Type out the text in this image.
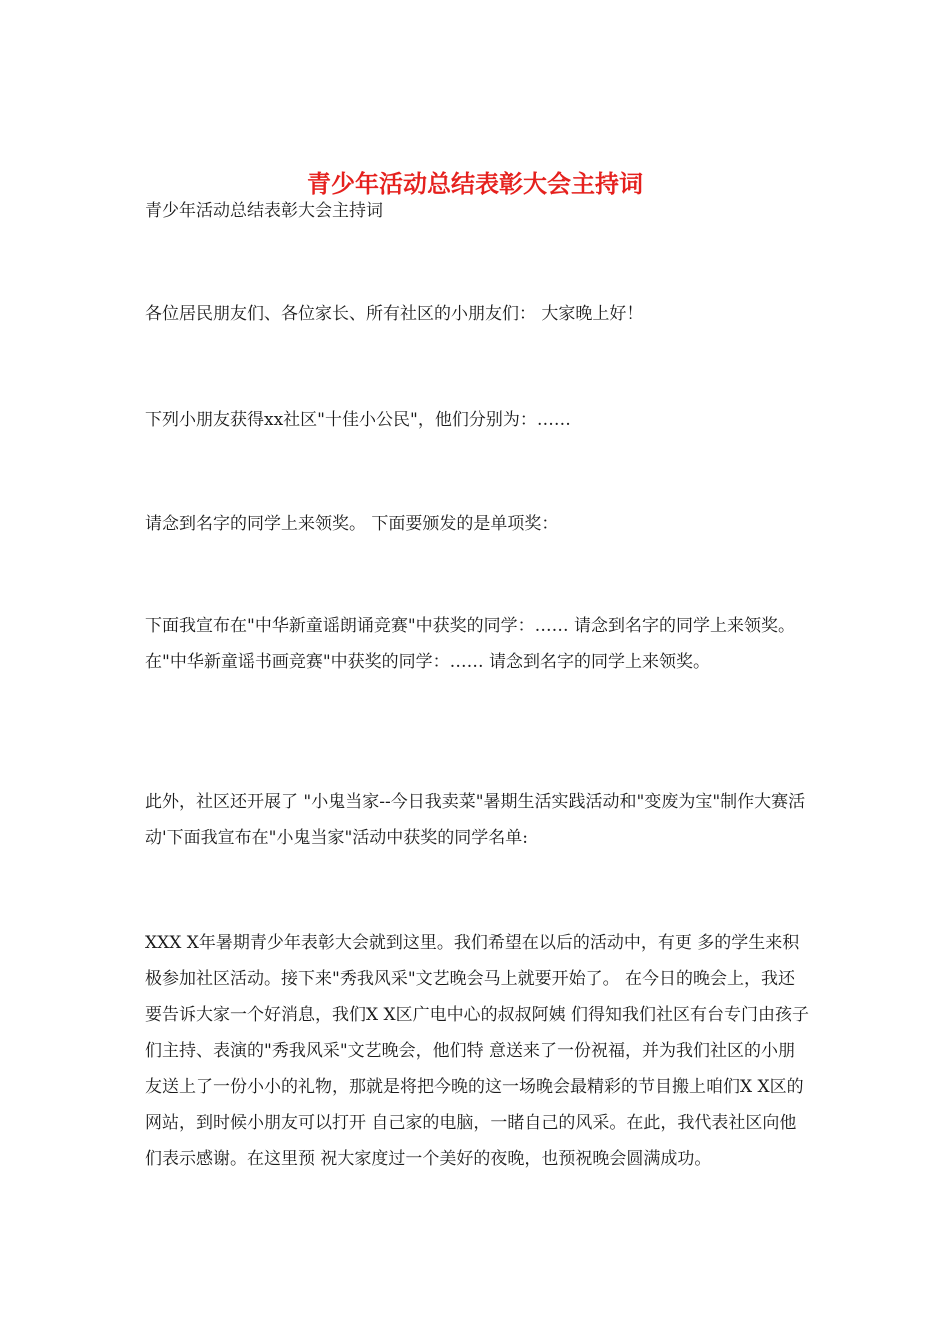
青少年活动总结表彰大会主持词

青少年活动总结表彰大会主持词

各位居民朋友们、各位家长、所有社区的小朋友们： 大家晚上好！

下列小朋友获得xx社区"十佳小公民"，他们分别为：……

请念到名字的同学上来领奖。 下面要颁发的是单项奖：

下面我宣布在"中华新童谣朗诵竞赛"中获奖的同学：…… 请念到名字的同学上来领奖。 在"中华新童谣书画竞赛"中获奖的同学：…… 请念到名字的同学上来领奖。

此外，社区还开展了 "小鬼当家--今日我卖菜"暑期生活实践活动和"变废为宝"制作大赛活动'下面我宣布在"小鬼当家"活动中获奖的同学名单:

XXX X年暑期青少年表彰大会就到这里。我们希望在以后的活动中，有更 多的学生来积极参加社区活动。接下来"秀我风采"文艺晚会马上就要开始了。 在今日的晚会上，我还要告诉大家一个好消息，我们X X区广电中心的叔叔阿姨 们得知我们社区有台专门由孩子们主持、表演的"秀我风采"文艺晚会，他们特 意送来了一份祝福，并为我们社区的小朋友送上了一份小小的礼物，那就是将把今晚的这一场晚会最精彩的节目搬上咱们X X区的网站，到时候小朋友可以打开 自己家的电脑，一睹自己的风采。在此，我代表社区向他们表示感谢。在这里预 祝大家度过一个美好的夜晚，也预祝晚会圆满成功。
